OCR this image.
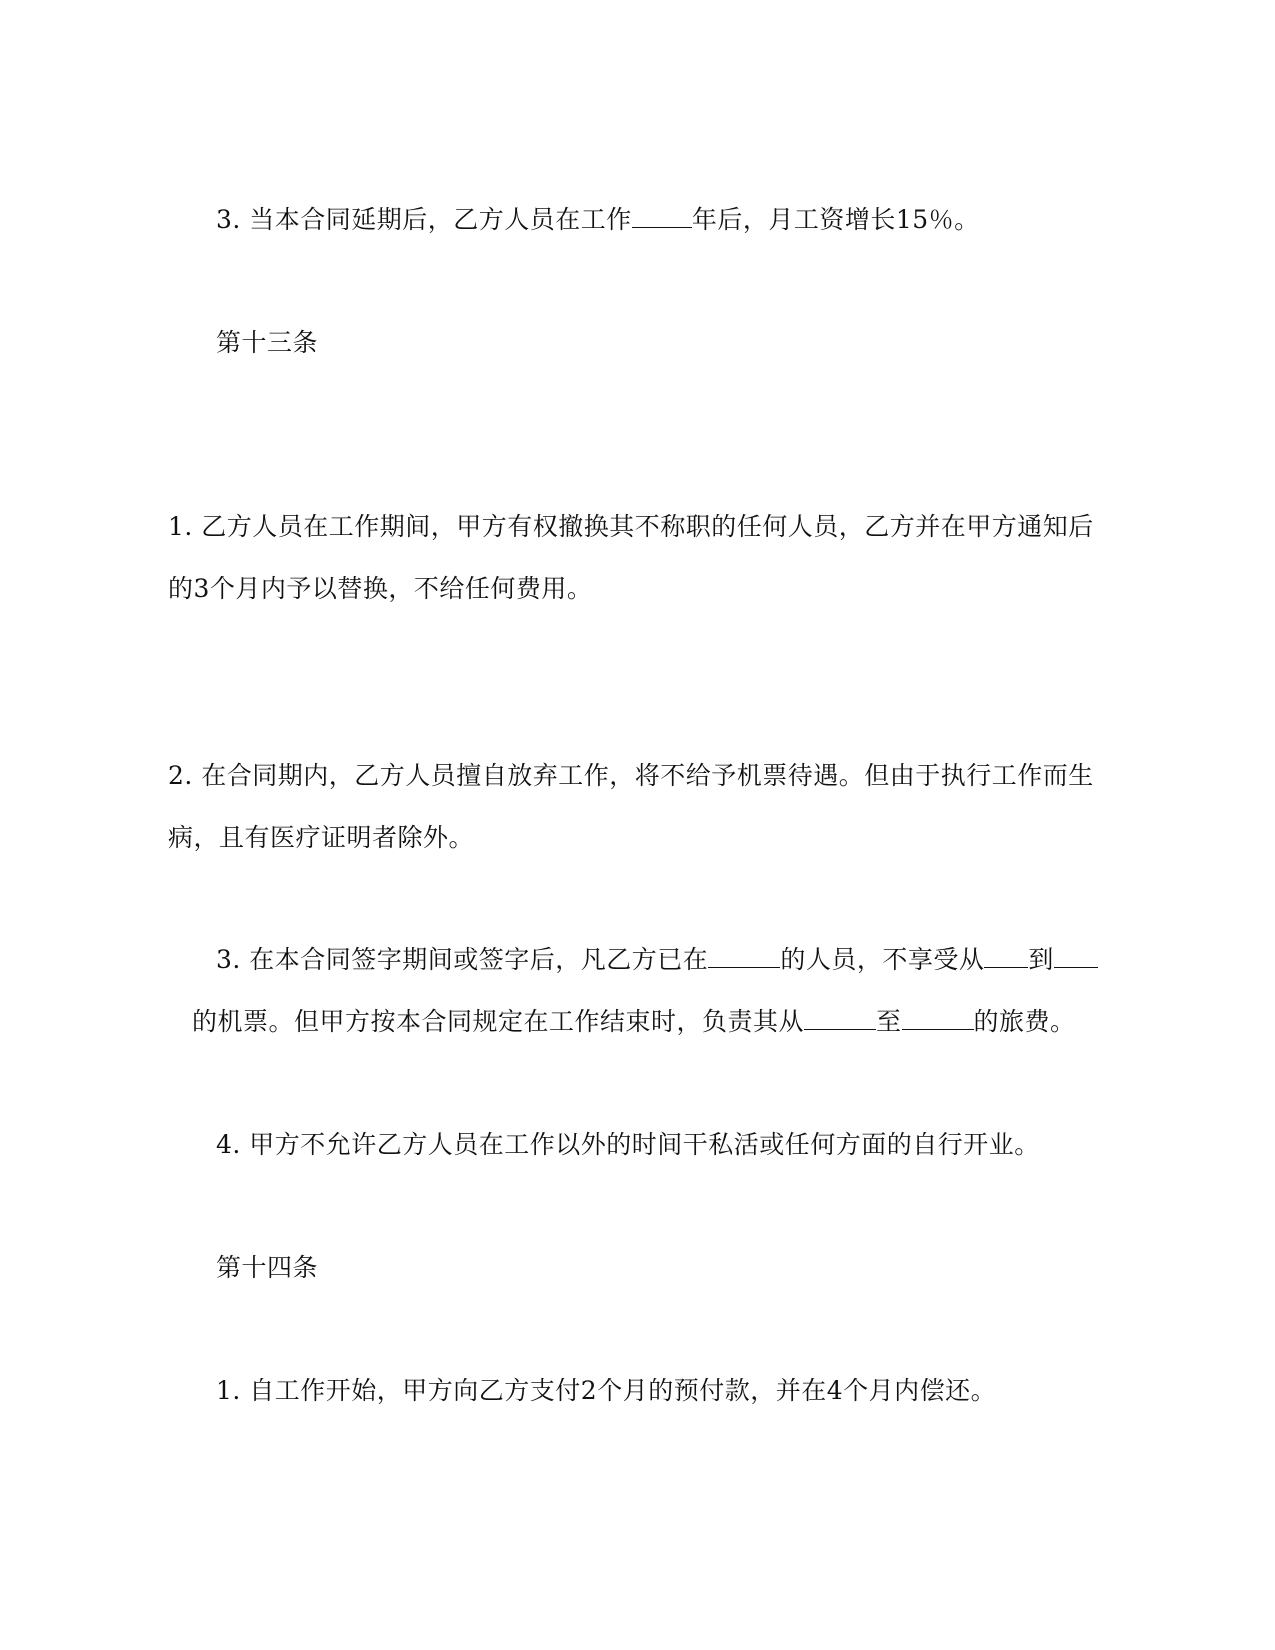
3. 当本合同延期后，乙方人员在工作 年后，月工资增长15％。
第十三条
1. 乙方人员在工作期间，甲方有权撤换其不称职的任何人员，乙方并在甲方通知后
的3个月内予以替换，不给任何费用。
2. 在合同期内，乙方人员擅自放弃工作，将不给予机票待遇。但由于执行工作而生
病，且有医疗证明者除外。
3. 在本合同签字期间或签字后，凡乙方已在	的人员，不享受从 到
的机票。但甲方按本合同规定在工作结束时，负责其从	至	的旅费。
4. 甲方不允许乙方人员在工作以外的时间干私活或任何方面的自行开业。
第十四条
1. 自工作开始，甲方向乙方支付2个月的预付款，并在4个月内偿还。
